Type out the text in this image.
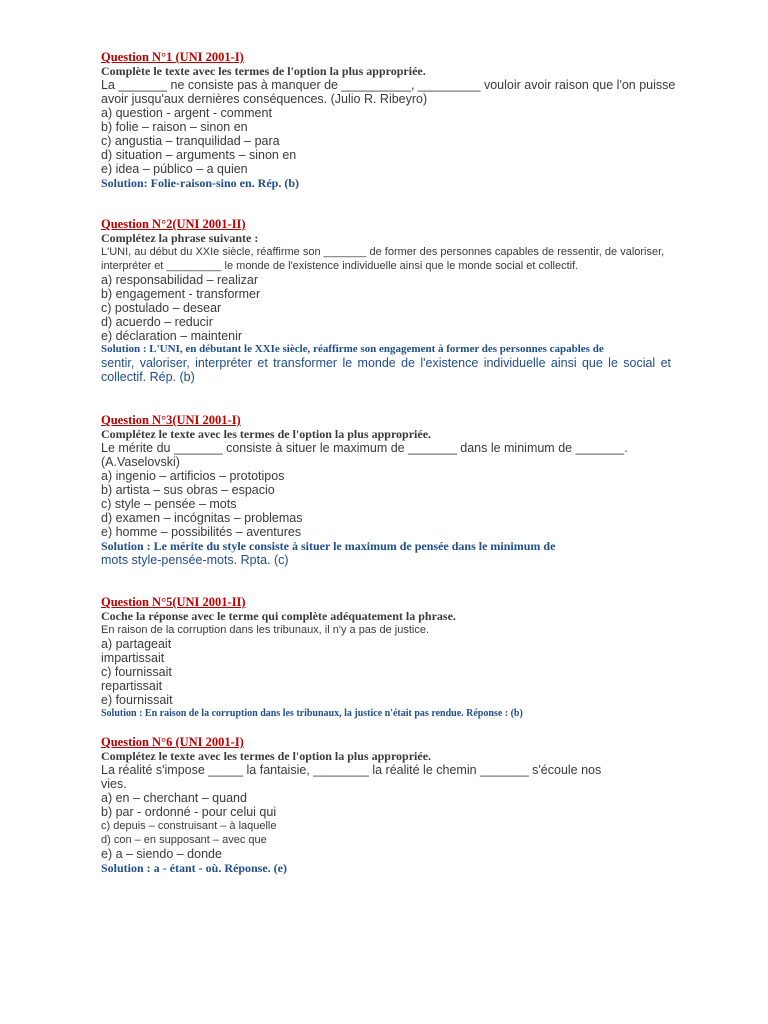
Question N°1 (UNI 2001-I)
Complète le texte avec les termes de l'option la plus appropriée.
La _______ ne consiste pas à manquer de __________, _________ vouloir avoir raison que l'on puisse
avoir jusqu'aux dernières conséquences. (Julio R. Ribeyro)
a) question - argent - comment
b) folie – raison – sinon en
c) angustia – tranquilidad – para
d) situation – arguments – sinon en
e) idea – público – a quien
Solution: Folie-raison-sino en. Rép. (b)
Question N°2(UNI 2001-II)
Complétez la phrase suivante :
L'UNI, au début du XXIe siècle, réaffirme son _______ de former des personnes capables de ressentir, de valoriser,
interpréter et _________ le monde de l'existence individuelle ainsi que le monde social et collectif.
a) responsabilidad – realizar
b) engagement - transformer
c) postulado – desear
d) acuerdo – reducir
e) déclaration – maintenir
Solution : L'UNI, en débutant le XXIe siècle, réaffirme son engagement à former des personnes capables de
sentir, valoriser, interpréter et transformer le monde de l'existence individuelle ainsi que le social et
collectif. Rép. (b)
Question N°3(UNI 2001-I)
Complétez le texte avec les termes de l'option la plus appropriée.
Le mérite du _______ consiste à situer le maximum de _______ dans le minimum de _______.
(A.Vaselovski)
a) ingenio – artificios – prototipos
b) artista – sus obras – espacio
c) style – pensée – mots
d) examen – incógnitas – problemas
e) homme – possibilités – aventures
Solution : Le mérite du style consiste à situer le maximum de pensée dans le minimum de
mots style-pensée-mots. Rpta. (c)
Question N°5(UNI 2001-II)
Coche la réponse avec le terme qui complète adéquatement la phrase.
En raison de la corruption dans les tribunaux, il n'y a pas de justice.
a) partageait
impartissait
c) fournissait
repartissait
e) fournissait
Solution : En raison de la corruption dans les tribunaux, la justice n'était pas rendue. Réponse : (b)
Question N°6 (UNI 2001-I)
Complétez le texte avec les termes de l'option la plus appropriée.
La réalité s'impose _____ la fantaisie, ________ la réalité le chemin _______ s'écoule nos
vies.
a) en – cherchant – quand
b) par - ordonné - pour celui qui
c) depuis – construisant – à laquelle
d) con – en supposant – avec que
e) a – siendo – donde
Solution : a - étant - où. Réponse. (e)
